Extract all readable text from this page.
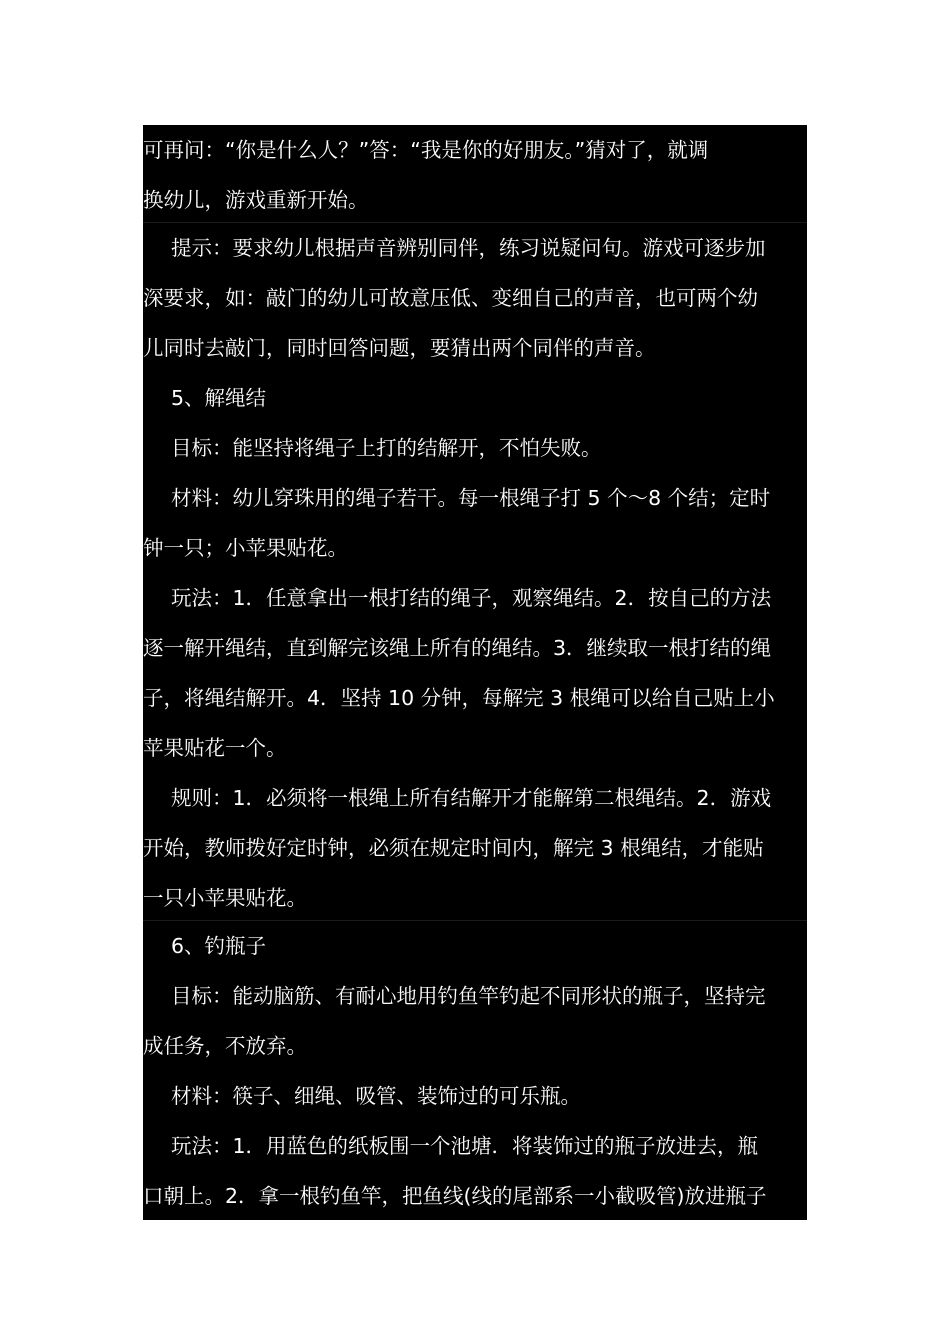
可再问：“你是什么人？”答：“我是你的好朋友。”猜对了，就调
换幼儿，游戏重新开始。
提示：要求幼儿根据声音辨别同伴，练习说疑问句。游戏可逐步加
深要求，如：敲门的幼儿可故意压低、变细自己的声音，也可两个幼
儿同时去敲门，同时回答问题，要猜出两个同伴的声音。
5、解绳结
目标：能坚持将绳子上打的结解开，不怕失败。
材料：幼儿穿珠用的绳子若干。每一根绳子打 5 个～8 个结；定时
钟一只；小苹果贴花。
玩法：1．任意拿出一根打结的绳子，观察绳结。2．按自己的方法
逐一解开绳结，直到解完该绳上所有的绳结。3．继续取一根打结的绳
子，将绳结解开。4．坚持 10 分钟，每解完 3 根绳可以给自己贴上小
苹果贴花一个。
规则：1．必须将一根绳上所有结解开才能解第二根绳结。2．游戏
开始，教师拨好定时钟，必须在规定时间内，解完 3 根绳结，才能贴
一只小苹果贴花。
6、钓瓶子
目标：能动脑筋、有耐心地用钓鱼竿钓起不同形状的瓶子，坚持完
成任务，不放弃。
材料：筷子、细绳、吸管、装饰过的可乐瓶。
玩法：1．用蓝色的纸板围一个池塘．将装饰过的瓶子放进去，瓶
口朝上。2．拿一根钓鱼竿，把鱼线(线的尾部系一小截吸管)放进瓶子
